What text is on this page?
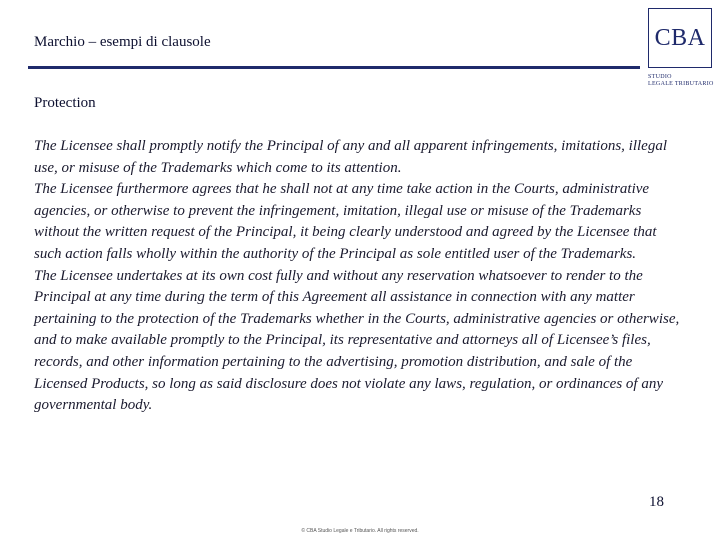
Marchio – esempi di clausole	CBA
STUDIO
LEGALE TRIBUTARIO
Protection

The Licensee shall promptly notify the Principal of any and all apparent infringements, imitations, illegal use, or misuse of the Trademarks which come to its attention.

The Licensee furthermore agrees that he shall not at any time take action in the Courts, administrative agencies, or otherwise to prevent the infringement, imitation, illegal use or misuse of the Trademarks without the written request of the Principal, it being clearly understood and agreed by the Licensee that such action falls wholly within the authority of the Principal as sole entitled user of the Trademarks.

The Licensee undertakes at its own cost fully and without any reservation whatsoever to render to the Principal at any time during the term of this Agreement all assistance in connection with any matter pertaining to the protection of the Trademarks whether in the Courts, administrative agencies or otherwise, and to make available promptly to the Principal, its representative and attorneys all of Licensee’s files, records, and other information pertaining to the advertising, promotion distribution, and sale of the Licensed Products, so long as said disclosure does not violate any laws, regulation, or ordinances of any governmental body.

18
© CBA Studio Legale e Tributario. All rights reserved.
